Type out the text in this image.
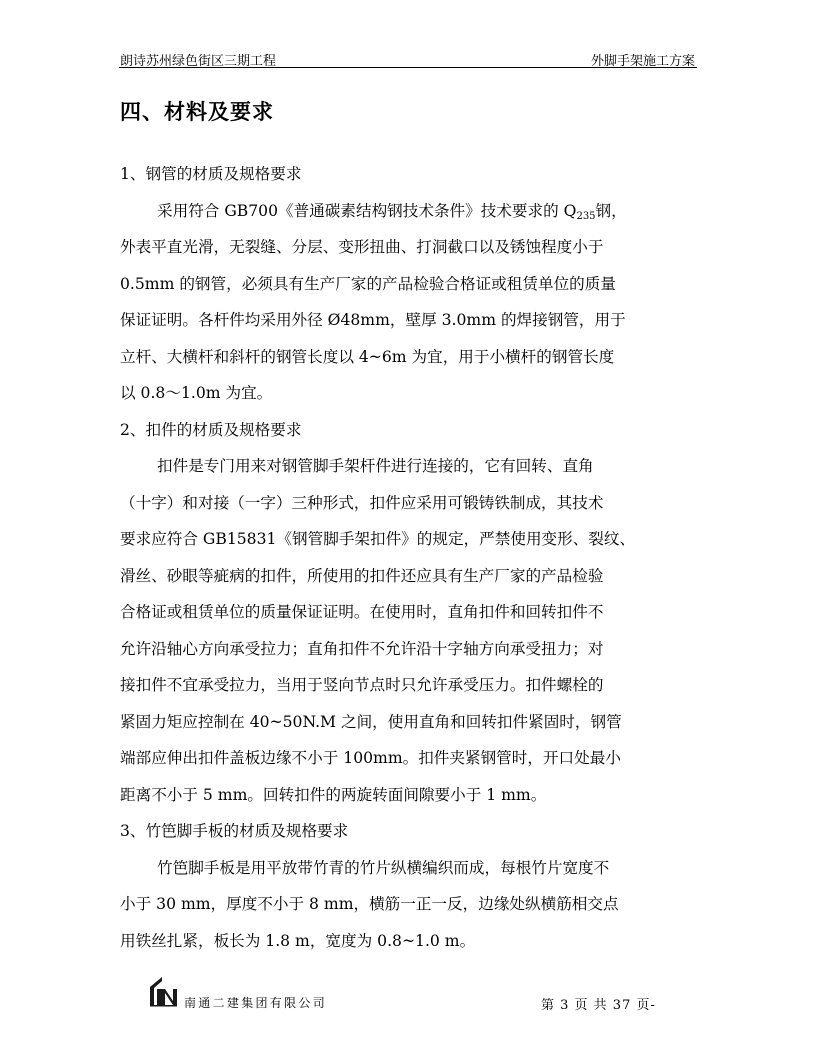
朗诗苏州绿色街区三期工程	外脚手架施工方案
四、材料及要求
1、钢管的材质及规格要求
采用符合 GB700《普通碳素结构钢技术条件》技术要求的 $Q_{235}$钢，
外表平直光滑，无裂缝、分层、变形扭曲、打洞截口以及锈蚀程度小于
0.5mm 的钢管，必须具有生产厂家的产品检验合格证或租赁单位的质量
保证证明。各杆件均采用外径 Ø48mm，壁厚 3.0mm 的焊接钢管，用于
立杆、大横杆和斜杆的钢管长度以 4~6m 为宜，用于小横杆的钢管长度
以 0.8～1.0m 为宜。
2、扣件的材质及规格要求
扣件是专门用来对钢管脚手架杆件进行连接的，它有回转、直角
（十字）和对接（一字）三种形式，扣件应采用可锻铸铁制成，其技术
要求应符合 GB15831《钢管脚手架扣件》的规定，严禁使用变形、裂纹、
滑丝、砂眼等疵病的扣件，所使用的扣件还应具有生产厂家的产品检验
合格证或租赁单位的质量保证证明。在使用时，直角扣件和回转扣件不
允许沿轴心方向承受拉力；直角扣件不允许沿十字轴方向承受扭力；对
接扣件不宜承受拉力，当用于竖向节点时只允许承受压力。扣件螺栓的
紧固力矩应控制在 40~50N.M 之间，使用直角和回转扣件紧固时，钢管
端部应伸出扣件盖板边缘不小于 100mm。扣件夹紧钢管时，开口处最小
距离不小于 5 mm。回转扣件的两旋转面间隙要小于 1 mm。
3、竹笆脚手板的材质及规格要求
竹笆脚手板是用平放带竹青的竹片纵横编织而成，每根竹片宽度不
小于 30 mm，厚度不小于 8 mm，横筋一正一反，边缘处纵横筋相交点
用铁丝扎紧，板长为 1.8 m，宽度为 0.8~1.0 m。
南通二建集团有限公司	第 3 页 共 37 页-
